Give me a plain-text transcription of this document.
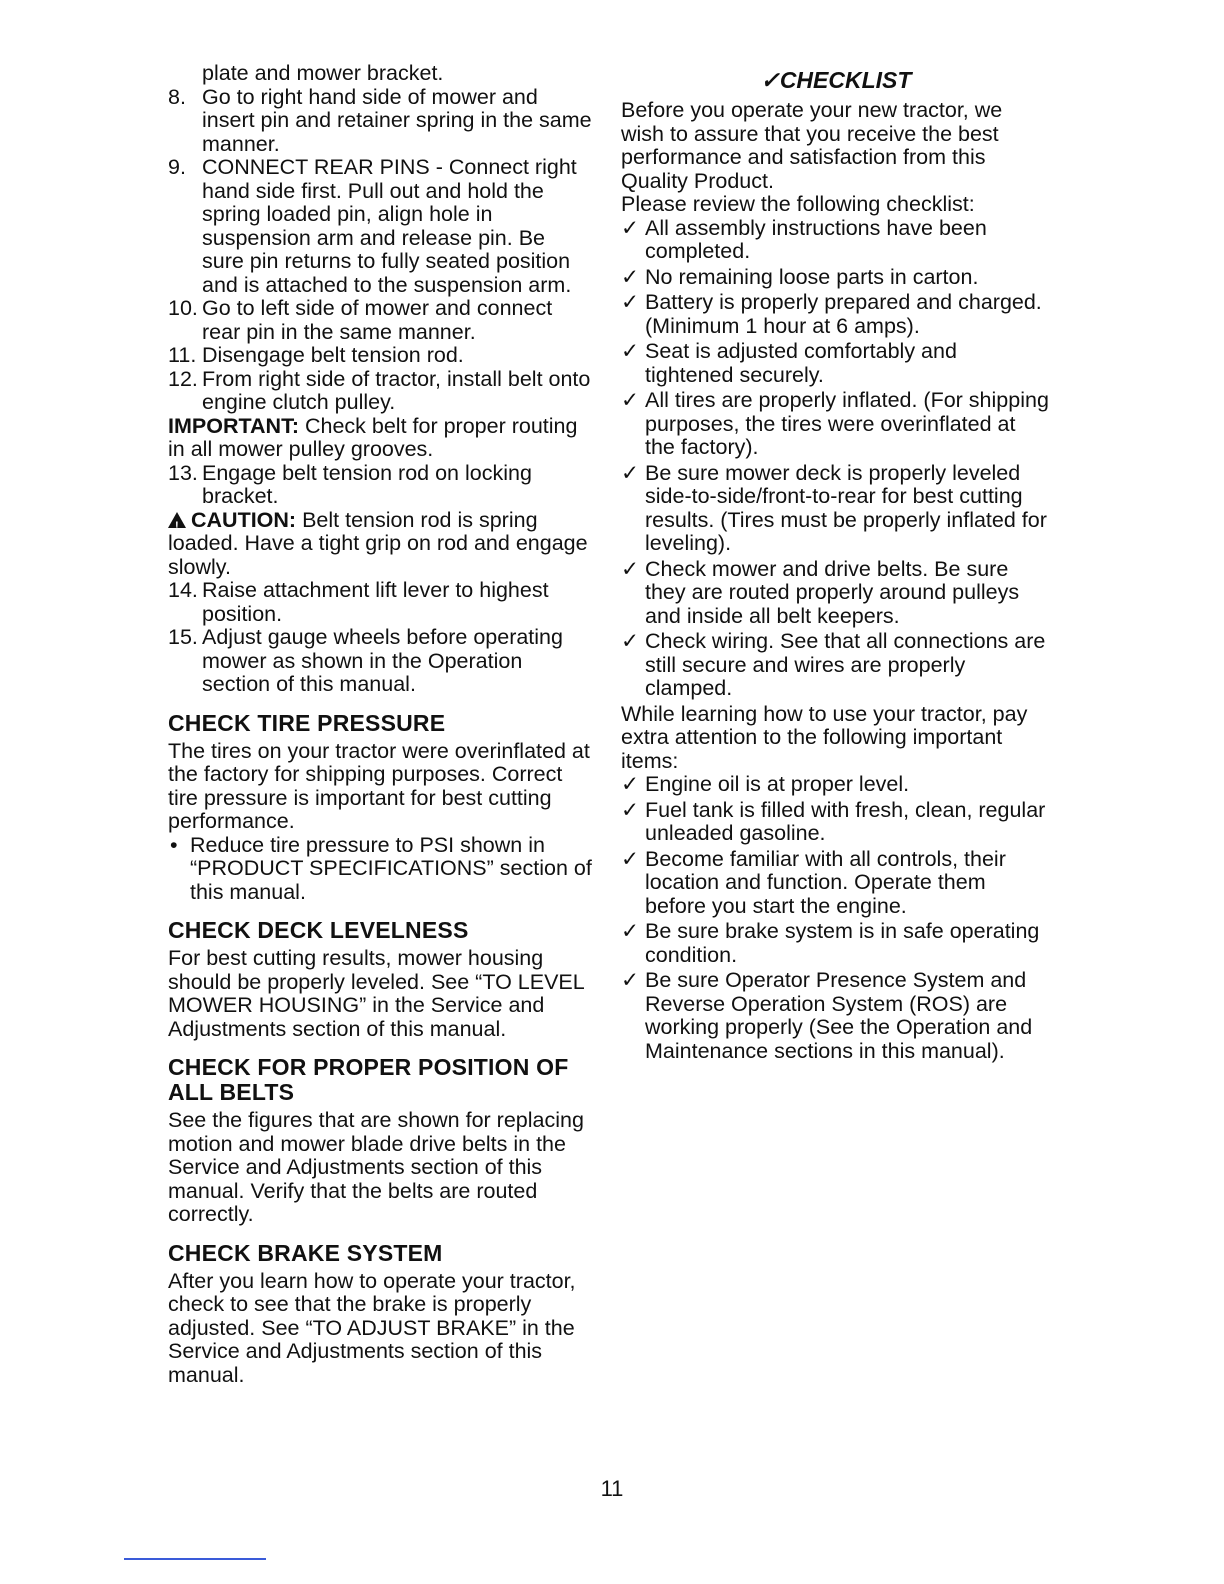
plate and mower bracket.

8. Go to right hand side of mower and insert pin and retainer spring in the same manner.
9. CONNECT REAR PINS - Connect right hand side first. Pull out and hold the spring loaded pin, align hole in suspension arm and release pin. Be sure pin returns to fully seated position and is attached to the suspension arm.
10. Go to left side of mower and connect rear pin in the same manner.
11. Disengage belt tension rod.
12. From right side of tractor, install belt onto engine clutch pulley.

IMPORTANT: Check belt for proper routing in all mower pulley grooves.

13. Engage belt tension rod on locking bracket.

!CAUTION: Belt tension rod is spring loaded. Have a tight grip on rod and engage slowly.

14. Raise attachment lift lever to highest position.
15. Adjust gauge wheels before operating mower as shown in the Operation section of this manual.
CHECK TIRE PRESSURE

The tires on your tractor were overinflated at the factory for shipping purposes. Correct tire pressure is important for best cutting performance.

• Reduce tire pressure to PSI shown in “PRODUCT SPECIFICATIONS” section of this manual.
CHECK DECK LEVELNESS

For best cutting results, mower housing should be properly leveled. See “TO LEVEL MOWER HOUSING” in the Service and Adjustments section of this manual.

CHECK FOR PROPER POSITION OF ALL BELTS

See the figures that are shown for replacing motion and mower blade drive belts in the Service and Adjustments section of this manual. Verify that the belts are routed correctly.

CHECK BRAKE SYSTEM

After you learn how to operate your tractor, check to see that the brake is properly adjusted. See “TO ADJUST BRAKE” in the Service and Adjustments section of this manual.

✓CHECKLIST

Before you operate your new tractor, we wish to assure that you receive the best performance and satisfaction from this Quality Product.

Please review the following checklist:

✓ All assembly instructions have been completed.
✓ No remaining loose parts in carton.
✓ Battery is properly prepared and charged. (Minimum 1 hour at 6 amps).
✓ Seat is adjusted comfortably and tightened securely.
✓ All tires are properly inflated. (For shipping purposes, the tires were overinflated at the factory).
✓ Be sure mower deck is properly leveled side-to-side/front-to-rear for best cutting results. (Tires must be properly inflated for leveling).
✓ Check mower and drive belts. Be sure they are routed properly around pulleys and inside all belt keepers.
✓ Check wiring. See that all connections are still secure and wires are properly clamped.

While learning how to use your tractor, pay extra attention to the following important items:

✓ Engine oil is at proper level.
✓ Fuel tank is filled with fresh, clean, regular unleaded gasoline.
✓ Become familiar with all controls, their location and function. Operate them before you start the engine.
✓ Be sure brake system is in safe operating condition.
✓ Be sure Operator Presence System and Reverse Operation System (ROS) are working properly (See the Operation and Maintenance sections in this manual).
11
